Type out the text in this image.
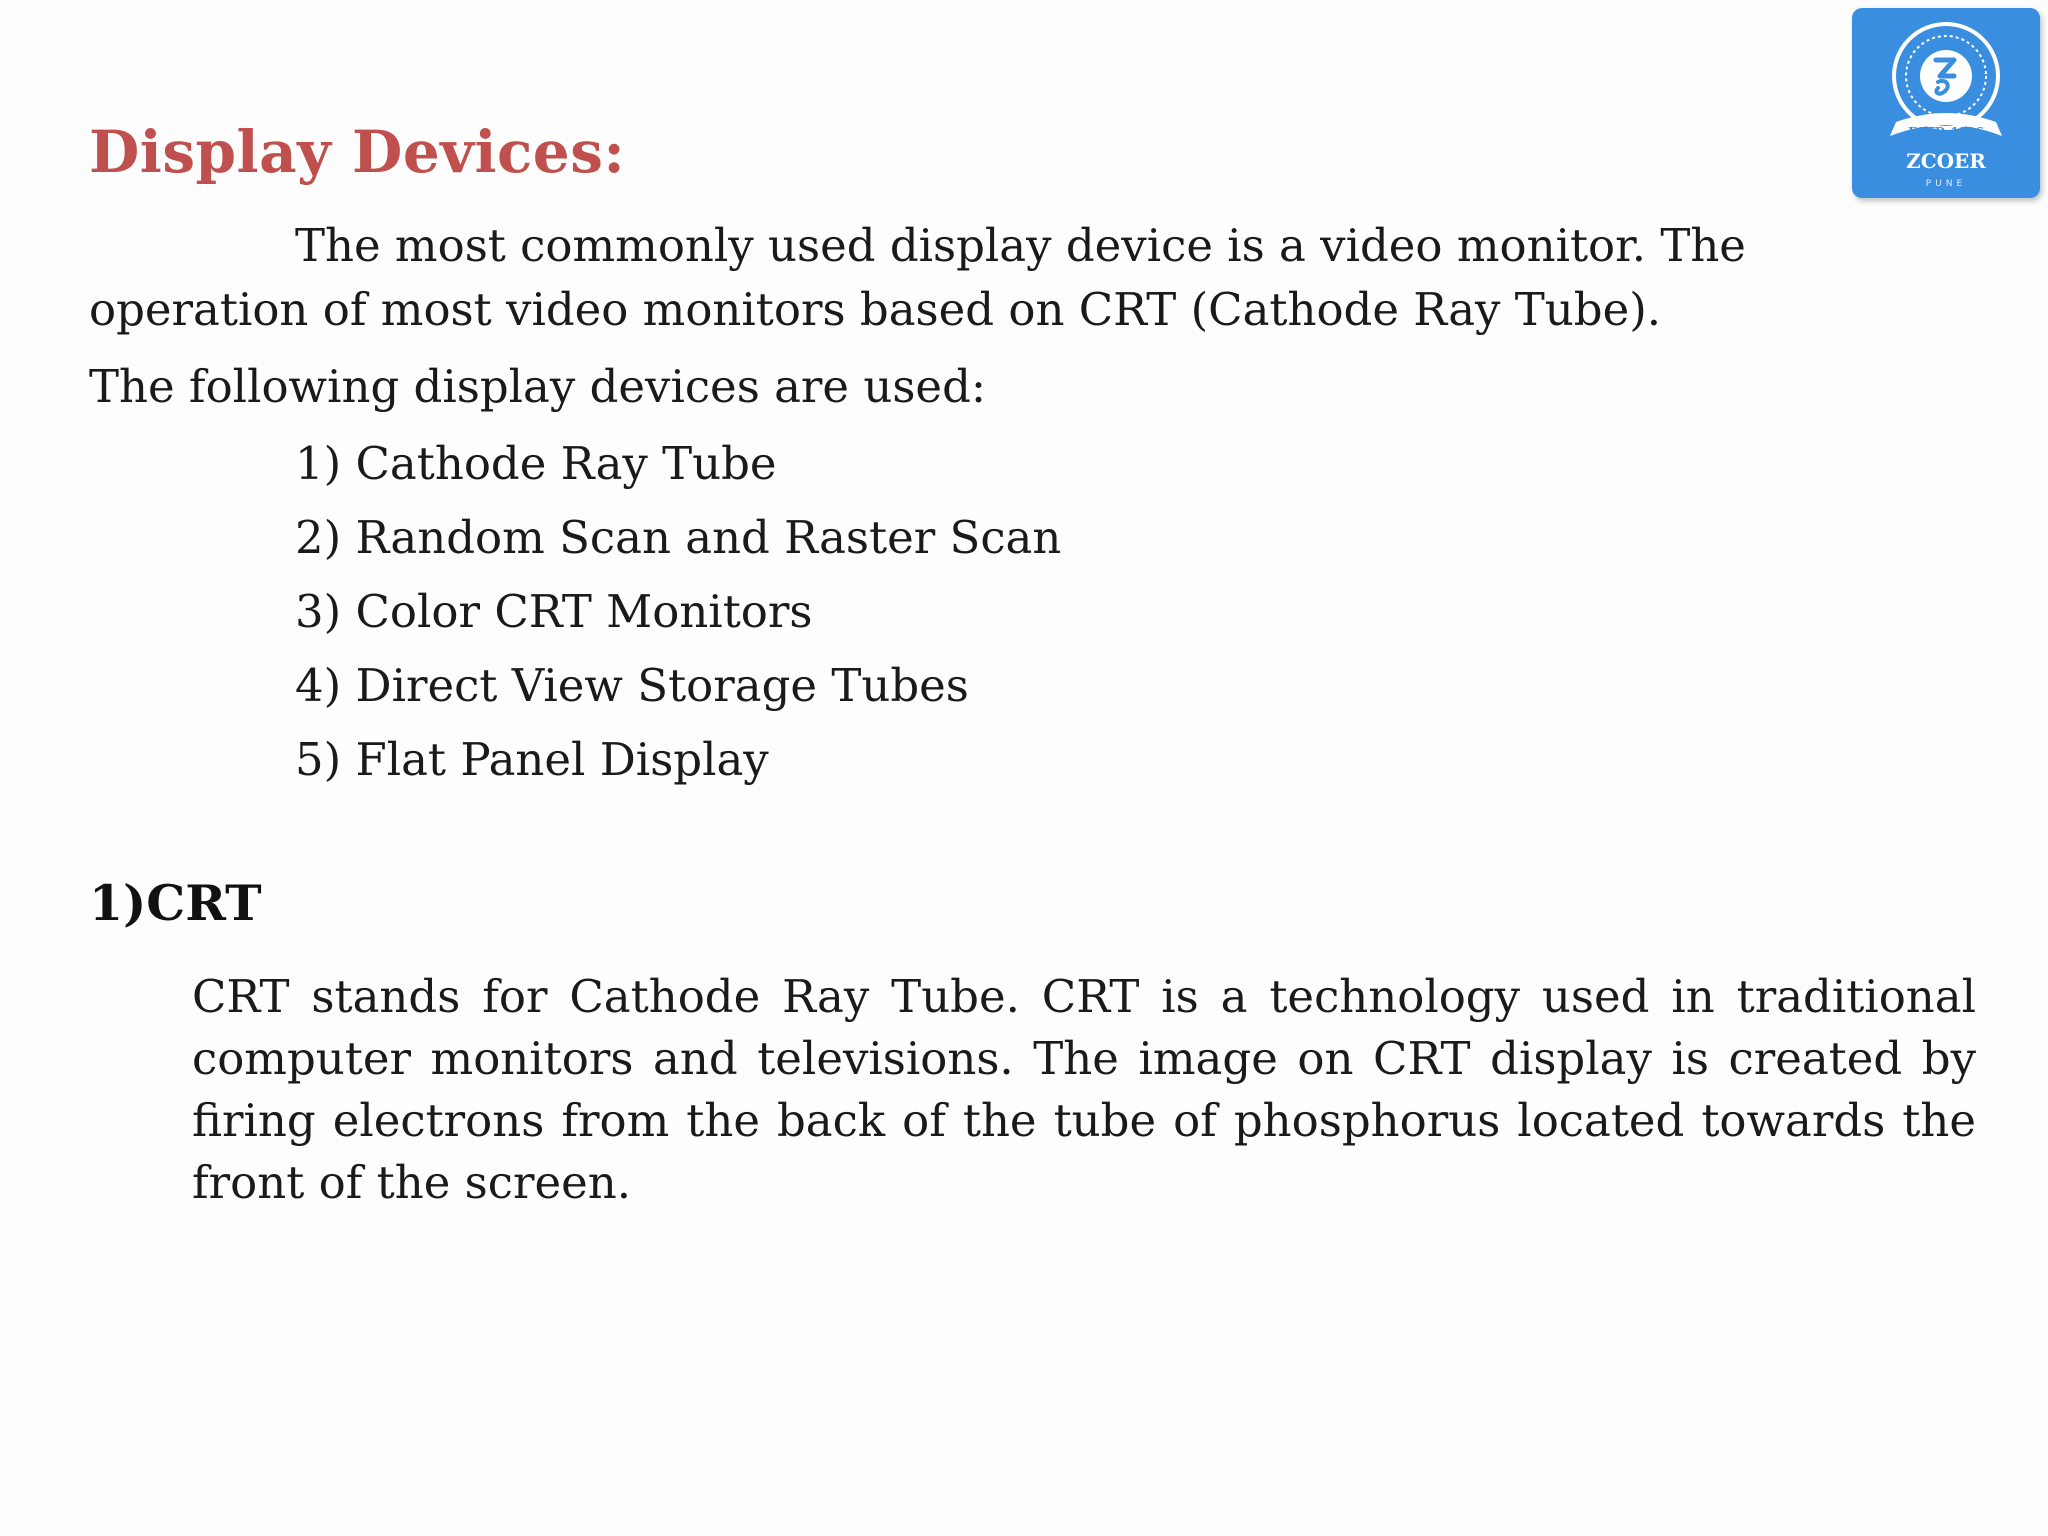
Display Devices:	ESTD-1996
ZCOER
PUNE

The most commonly used display device is a video monitor. The operation of most video monitors based on CRT (Cathode Ray Tube).

The following display devices are used:

1) Cathode Ray Tube
2) Random Scan and Raster Scan
3) Color CRT Monitors
4) Direct View Storage Tubes
5) Flat Panel Display
1)CRT

CRT stands for Cathode Ray Tube. CRT is a technology used in traditional computer monitors and televisions. The image on CRT display is created by firing electrons from the back of the tube of phosphorus located towards the front of the screen.
